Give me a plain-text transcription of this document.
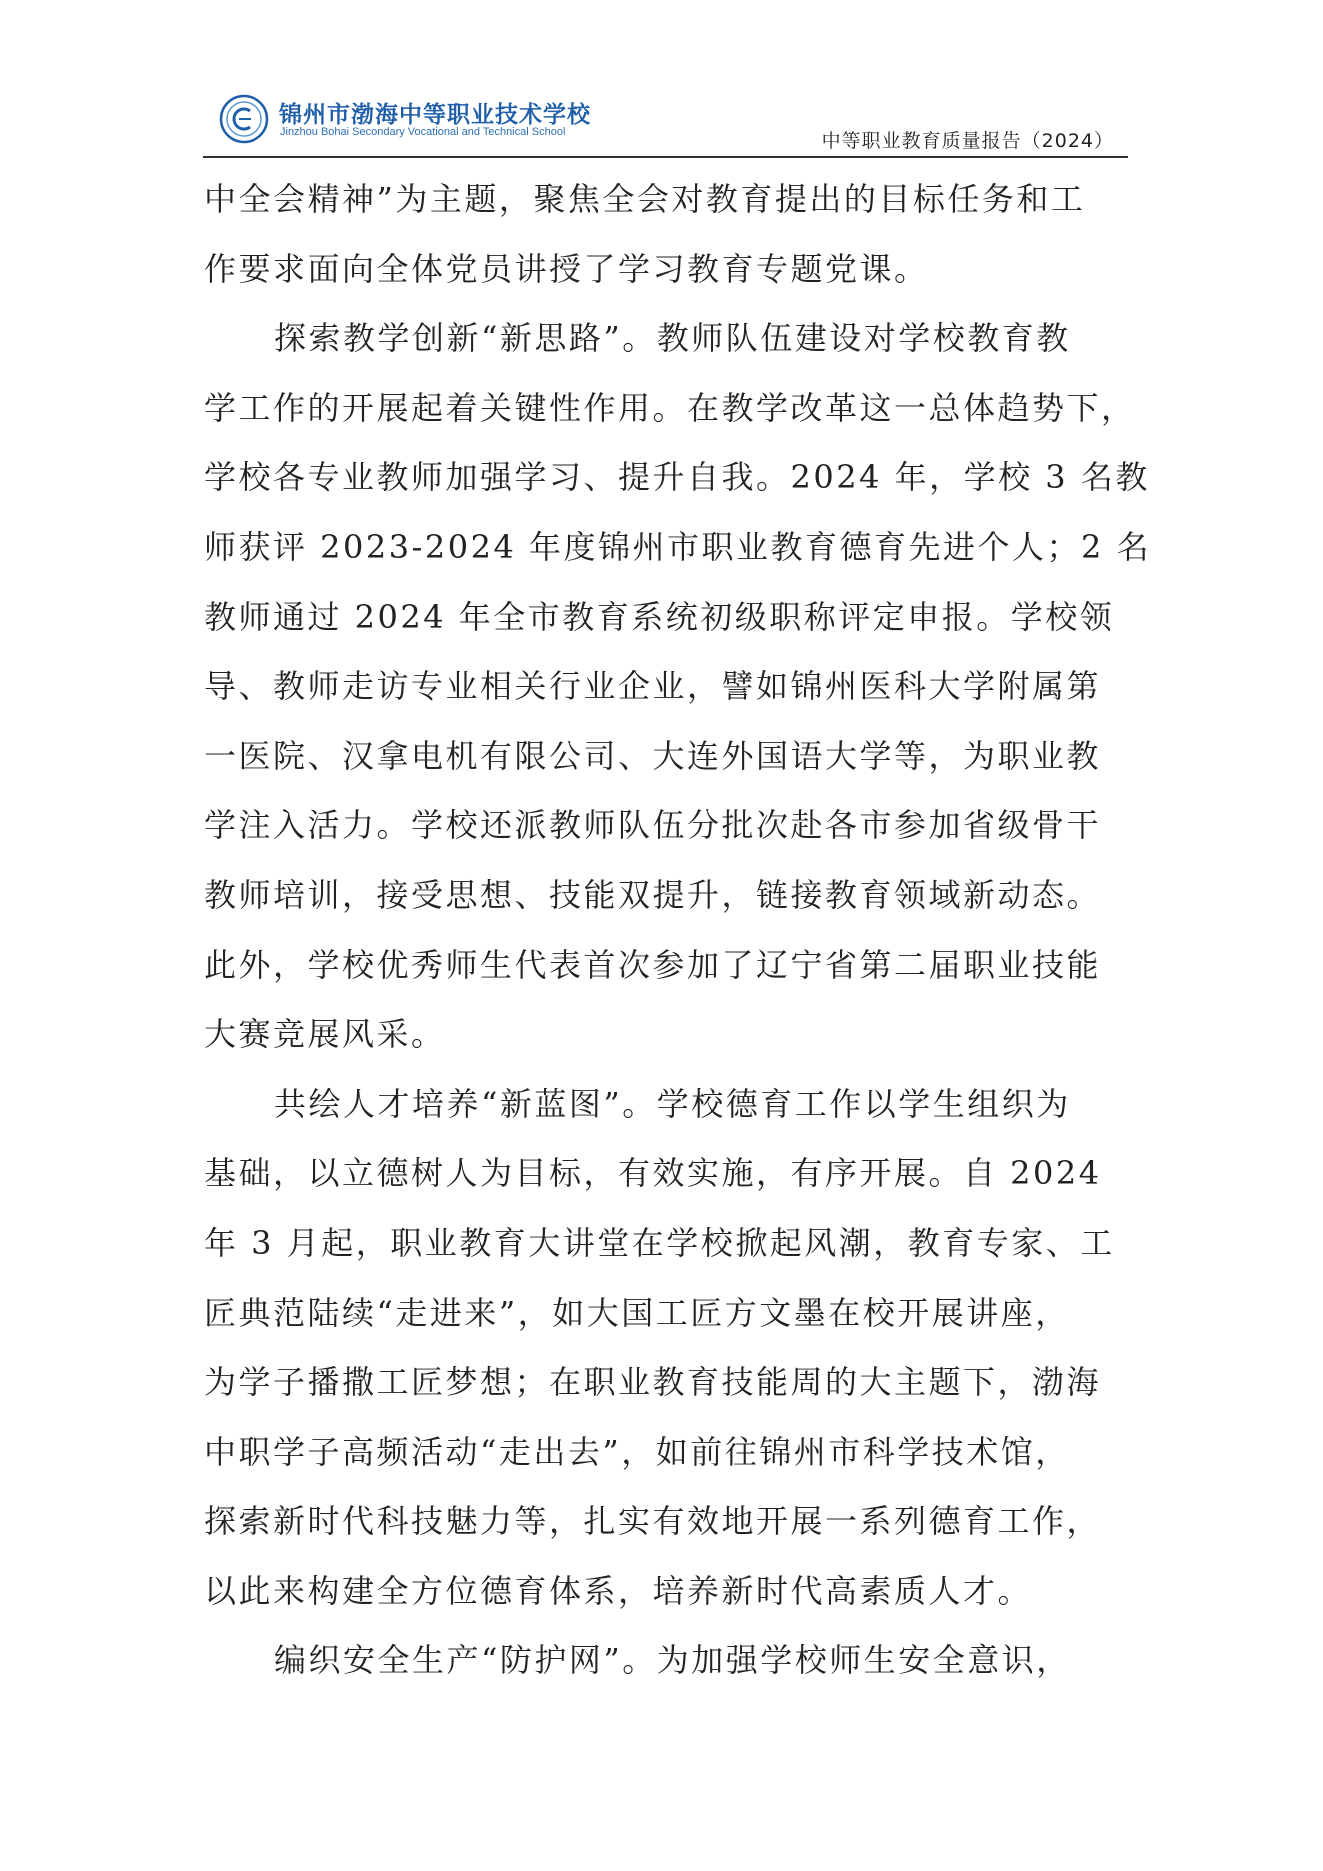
锦州市渤海中等职业技术学校
Jinzhou Bohai Secondary Vocational and Technical School	中等职业教育质量报告（2024）
中全会精神”为主题，聚焦全会对教育提出的目标任务和工
作要求面向全体党员讲授了学习教育专题党课。
探索教学创新“新思路”。教师队伍建设对学校教育教
学工作的开展起着关键性作用。在教学改革这一总体趋势下，
学校各专业教师加强学习、提升自我。2024 年，学校 3 名教
师获评 2023-2024 年度锦州市职业教育德育先进个人；2 名
教师通过 2024 年全市教育系统初级职称评定申报。学校领
导、教师走访专业相关行业企业，譬如锦州医科大学附属第
一医院、汉拿电机有限公司、大连外国语大学等，为职业教
学注入活力。学校还派教师队伍分批次赴各市参加省级骨干
教师培训，接受思想、技能双提升，链接教育领域新动态。
此外，学校优秀师生代表首次参加了辽宁省第二届职业技能
大赛竞展风采。
共绘人才培养“新蓝图”。学校德育工作以学生组织为
基础，以立德树人为目标，有效实施，有序开展。自 2024
年 3 月起，职业教育大讲堂在学校掀起风潮，教育专家、工
匠典范陆续“走进来”，如大国工匠方文墨在校开展讲座，
为学子播撒工匠梦想；在职业教育技能周的大主题下，渤海
中职学子高频活动“走出去”，如前往锦州市科学技术馆，
探索新时代科技魅力等，扎实有效地开展一系列德育工作，
以此来构建全方位德育体系，培养新时代高素质人才。
编织安全生产“防护网”。为加强学校师生安全意识，
